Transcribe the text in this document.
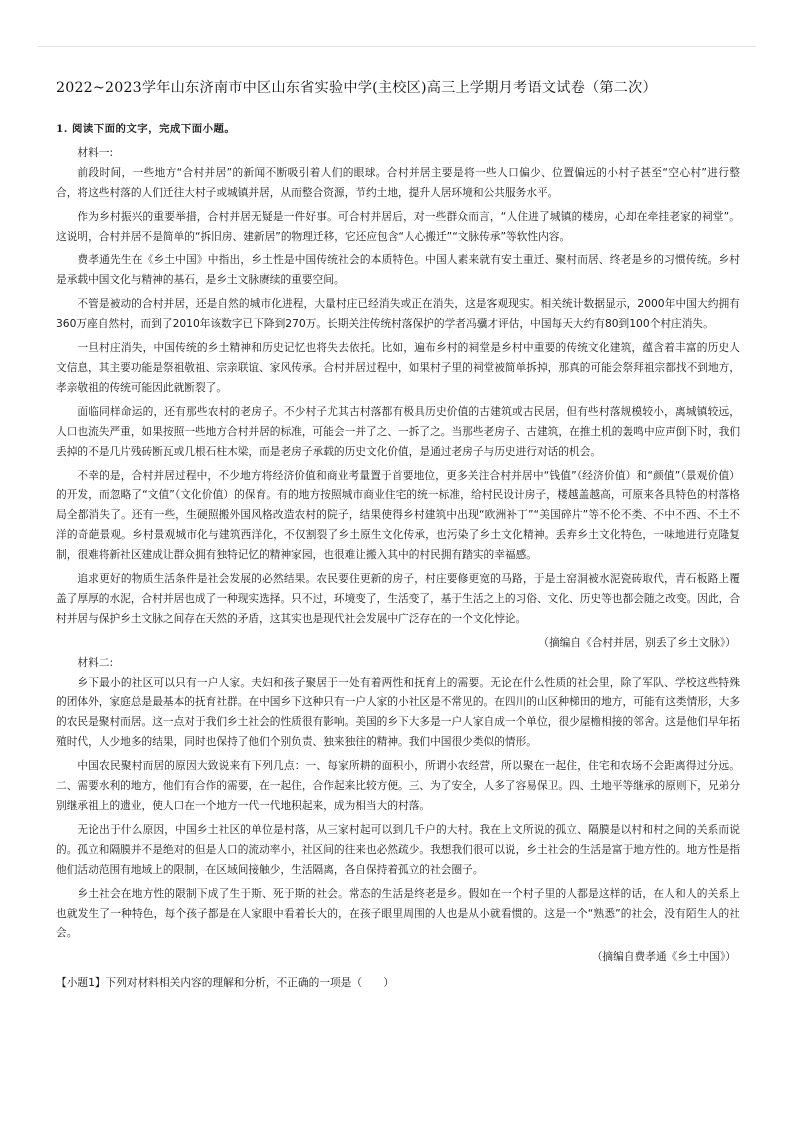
2022~2023学年山东济南市中区山东省实验中学(主校区)高三上学期月考语文试卷（第二次）

1. 阅读下面的文字，完成下面小题。

材料一:

前段时间，一些地方“合村并居”的新闻不断吸引着人们的眼球。合村并居主要是将一些人口偏少、位置偏远的小村子甚至“空心村”进行整合，将这些村落的人们迁往大村子或城镇并居，从而整合资源，节约土地，提升人居环境和公共服务水平。

作为乡村振兴的重要举措，合村并居无疑是一件好事。可合村并居后，对一些群众而言，“人住进了城镇的楼房，心却在牵挂老家的祠堂”。这说明，合村并居不是简单的“拆旧房、建新居”的物理迁移，它还应包含“人心搬迁”“文脉传承”等软性内容。

费孝通先生在《乡土中国》中指出，乡土性是中国传统社会的本质特色。中国人素来就有安土重迁、聚村而居、终老是乡的习惯传统。乡村是承载中国文化与精神的基石，是乡土文脉赓续的重要空间。

不管是被动的合村并居，还是自然的城市化进程，大量村庄已经消失或正在消失，这是客观现实。相关统计数据显示，2000年中国大约拥有360万座自然村，而到了2010年该数字已下降到270万。长期关注传统村落保护的学者冯骥才评估，中国每天大约有80到100个村庄消失。

一旦村庄消失，中国传统的乡土精神和历史记忆也将失去依托。比如，遍布乡村的祠堂是乡村中重要的传统文化建筑，蕴含着丰富的历史人文信息，其主要功能是祭祖敬祖、宗亲联谊、家风传承。合村并居过程中，如果村子里的祠堂被简单拆掉，那真的可能会祭拜祖宗都找不到地方，孝亲敬祖的传统可能因此就断裂了。

面临同样命运的，还有那些农村的老房子。不少村子尤其古村落都有极具历史价值的古建筑或古民居，但有些村落规模较小，离城镇较远，人口也流失严重，如果按照一些地方合村并居的标准，可能会一并了之、一拆了之。当那些老房子、古建筑，在推土机的轰鸣中应声倒下时，我们丢掉的不是几片残砖断瓦或几根石柱木梁，而是老房子承载的历史文化价值，是通过老房子与历史进行对话的机会。

不幸的是，合村并居过程中，不少地方将经济价值和商业考量置于首要地位，更多关注合村并居中“钱值”（经济价值）和“颜值”（景观价值）的开发，而忽略了“文值”（文化价值）的保育。有的地方按照城市商业住宅的统一标准，给村民设计房子，楼越盖越高，可原来各具特色的村落格局全都消失了。还有一些，生硬照搬外国风格改造农村的院子，结果使得乡村建筑中出现“欧洲补丁”“美国碎片”等不伦不类、不中不西、不土不洋的奇葩景观。乡村景观城市化与建筑西洋化，不仅割裂了乡土原生文化传承，也污染了乡土文化精神。丢弃乡土文化特色，一味地进行克隆复制，很难将新社区建成让群众拥有独特记忆的精神家园，也很难让搬入其中的村民拥有踏实的幸福感。

追求更好的物质生活条件是社会发展的必然结果。农民要住更新的房子，村庄要修更宽的马路，于是土窑洞被水泥瓷砖取代，青石板路上覆盖了厚厚的水泥，合村并居也成了一种现实选择。只不过，环境变了，生活变了，基于生活之上的习俗、文化、历史等也都会随之改变。因此，合村并居与保护乡土文脉之间存在天然的矛盾，这其实也是现代社会发展中广泛存在的一个文化悖论。

（摘编自《合村并居，别丢了乡土文脉》）

材料二:

乡下最小的社区可以只有一户人家。夫妇和孩子聚居于一处有着两性和抚育上的需要。无论在什么性质的社会里，除了军队、学校这些特殊的团体外，家庭总是最基本的抚育社群。在中国乡下这种只有一户人家的小社区是不常见的。在四川的山区种梯田的地方，可能有这类情形，大多的农民是聚村而居。这一点对于我们乡土社会的性质很有影响。美国的乡下大多是一户人家自成一个单位，很少屋檐相接的邻舍。这是他们早年拓殖时代，人少地多的结果，同时也保持了他们个别负责、独来独往的精神。我们中国很少类似的情形。

中国农民聚村而居的原因大致说来有下列几点：一、每家所耕的面积小，所谓小农经营，所以聚在一起住，住宅和农场不会距离得过分远。二、需要水利的地方，他们有合作的需要，在一起住，合作起来比较方便。三、为了安全，人多了容易保卫。四、土地平等继承的原则下，兄弟分别继承祖上的遗业，使人口在一个地方一代一代地积起来，成为相当大的村落。

无论出于什么原因，中国乡土社区的单位是村落，从三家村起可以到几千户的大村。我在上文所说的孤立、隔膜是以村和村之间的关系而说的。孤立和隔膜并不是绝对的但是人口的流动率小，社区间的往来也必然疏少。我想我们很可以说，乡土社会的生活是富于地方性的。地方性是指他们活动范围有地域上的限制，在区域间接触少，生活隔离，各自保持着孤立的社会圈子。

乡土社会在地方性的限制下成了生于斯、死于斯的社会。常态的生活是终老是乡。假如在一个村子里的人都是这样的话，在人和人的关系上也就发生了一种特色，每个孩子都是在人家眼中看着长大的，在孩子眼里周围的人也是从小就看惯的。这是一个“熟悉”的社会，没有陌生人的社会。

（摘编自费孝通《乡土中国》）

【小题1】下列对材料相关内容的理解和分析，不正确的一项是（　　）
